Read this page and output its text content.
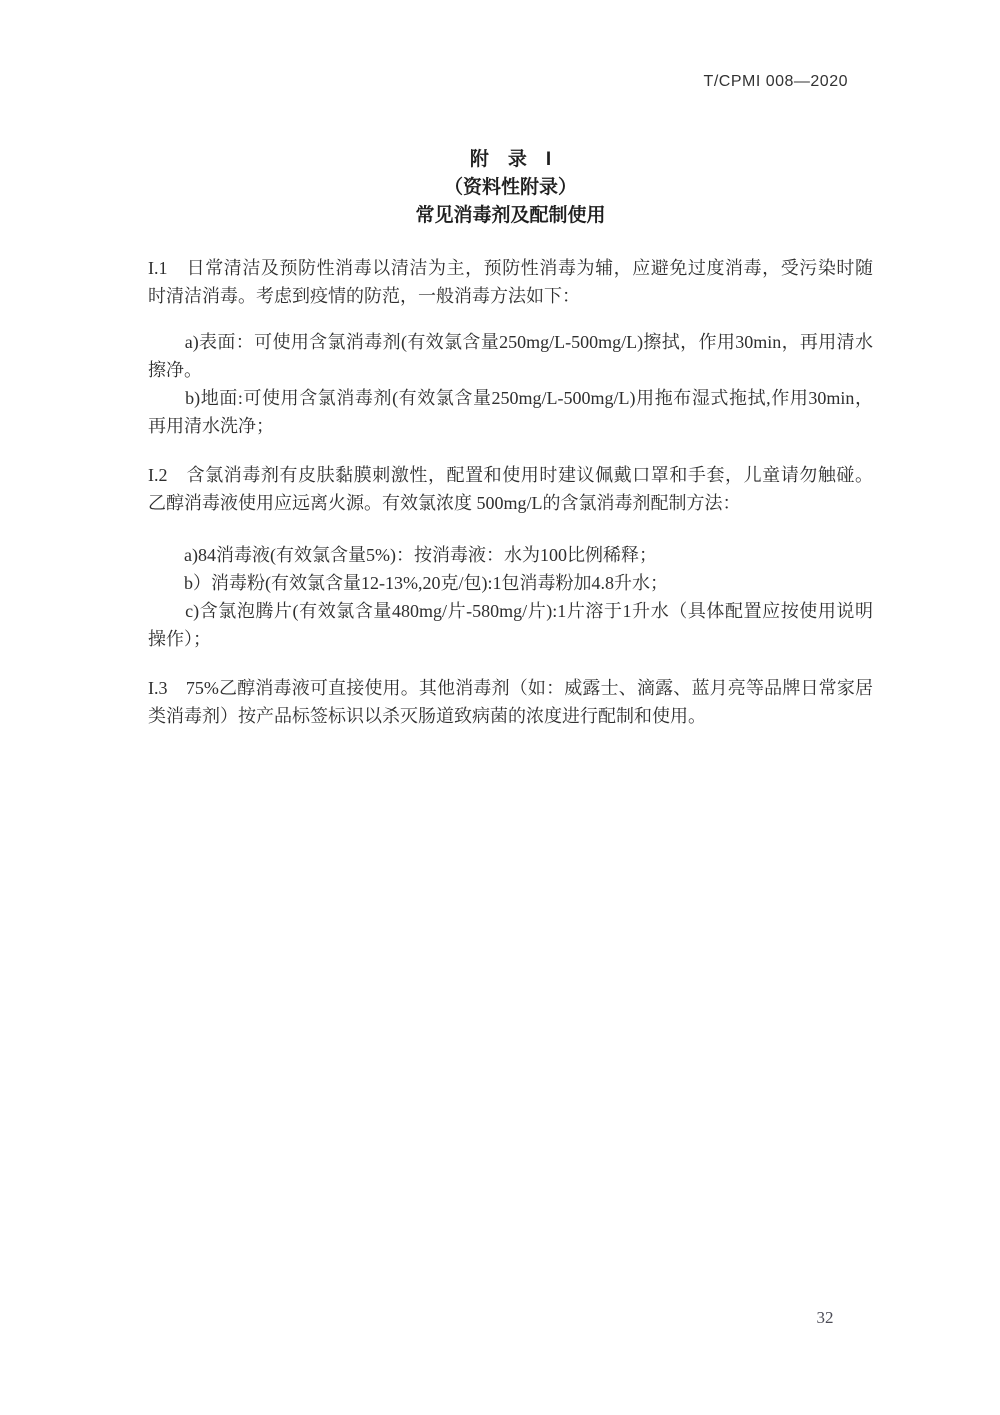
T/CPMI 008—2020
附　录　I
（资料性附录）
常见消毒剂及配制使用
I.1　日常清洁及预防性消毒以清洁为主，预防性消毒为辅，应避免过度消毒，受污染时随
时清洁消毒。考虑到疫情的防范，一般消毒方法如下：
　　a)表面：可使用含氯消毒剂(有效氯含量250mg/L-500mg/L)擦拭，作用30min，再用清水
擦净。
　　b)地面:可使用含氯消毒剂(有效氯含量250mg/L-500mg/L)用拖布湿式拖拭,作用30min，
再用清水洗净；
I.2　含氯消毒剂有皮肤黏膜刺激性，配置和使用时建议佩戴口罩和手套，儿童请勿触碰。
乙醇消毒液使用应远离火源。有效氯浓度 500mg/L的含氯消毒剂配制方法：
　　a)84消毒液(有效氯含量5%)：按消毒液：水为100比例稀释；
　　b）消毒粉(有效氯含量12-13%,20克/包):1包消毒粉加4.8升水；
　　c)含氯泡腾片(有效氯含量480mg/片-580mg/片):1片溶于1升水（具体配置应按使用说明
操作）；
I.3　75%乙醇消毒液可直接使用。其他消毒剂（如：威露士、滴露、蓝月亮等品牌日常家居
类消毒剂）按产品标签标识以杀灭肠道致病菌的浓度进行配制和使用。
32
